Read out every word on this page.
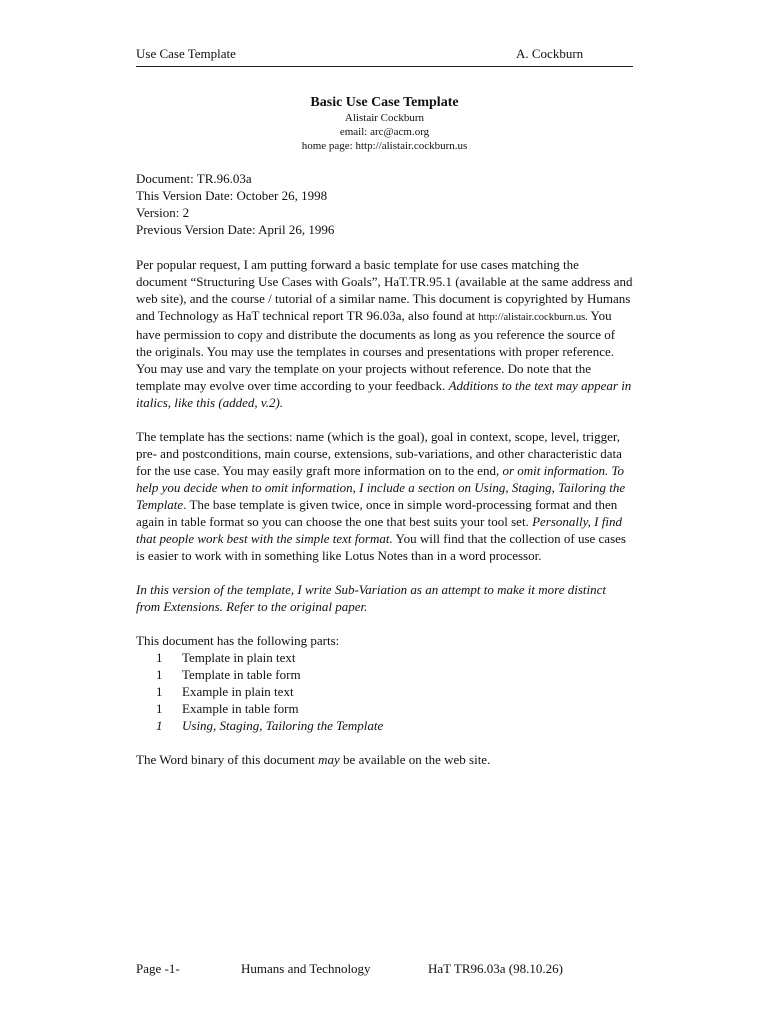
Use Case Template	A. Cockburn
Basic Use Case Template
Alistair Cockburn
email: arc@acm.org
home page: http://alistair.cockburn.us

Document: TR.96.03a
This Version Date: October 26, 1998
Version: 2
Previous Version Date: April 26, 1996

Per popular request, I am putting forward a basic template for use cases matching the document “Structuring Use Cases with Goals”, HaT.TR.95.1 (available at the same address and web site), and the course / tutorial of a similar name. This document is copyrighted by Humans and Technology as HaT technical report TR 96.03a, also found at http://alistair.cockburn.us. You have permission to copy and distribute the documents as long as you reference the source of the originals. You may use the templates in courses and presentations with proper reference. You may use and vary the template on your projects without reference. Do note that the template may evolve over time according to your feedback. Additions to the text may appear in italics, like this (added, v.2).

The template has the sections: name (which is the goal), goal in context, scope, level, trigger, pre- and postconditions, main course, extensions, sub-variations, and other characteristic data for the use case. You may easily graft more information on to the end, or omit information. To help you decide when to omit information, I include a section on Using, Staging, Tailoring the Template. The base template is given twice, once in simple word-processing format and then again in table format so you can choose the one that best suits your tool set. Personally, I find that people work best with the simple text format. You will find that the collection of use cases is easier to work with in something like Lotus Notes than in a word processor.

In this version of the template, I write Sub-Variation as an attempt to make it more distinct from Extensions. Refer to the original paper.

This document has the following parts:

1	Template in plain text
1	Template in table form
1	Example in plain text
1	Example in table form
1	Using, Staging, Tailoring the Template

The Word binary of this document may be available on the web site.

Page -1-	Humans and Technology	HaT TR96.03a (98.10.26)
